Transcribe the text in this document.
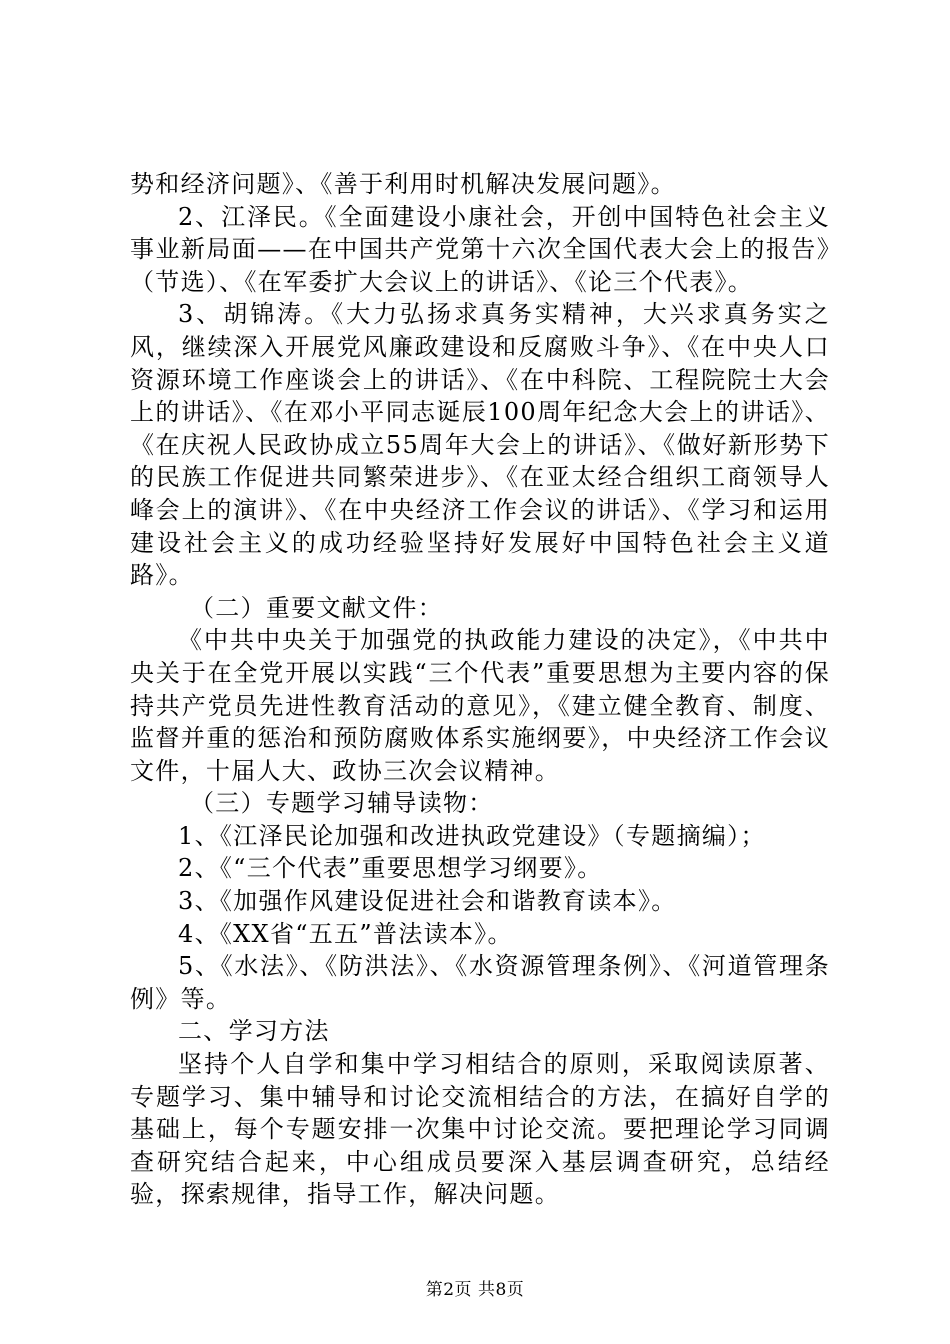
势和经济问题》、《善于利用时机解决发展问题》。

2、江泽民。《全面建设小康社会，开创中国特色社会主义事业新局面——在中国共产党第十六次全国代表大会上的报告》（节选）、《在军委扩大会议上的讲话》、《论三个代表》。

3、胡锦涛。《大力弘扬求真务实精神，大兴求真务实之风，继续深入开展党风廉政建设和反腐败斗争》、《在中央人口资源环境工作座谈会上的讲话》、《在中科院、工程院院士大会上的讲话》、《在邓小平同志诞辰100周年纪念大会上的讲话》、《在庆祝人民政协成立55周年大会上的讲话》、《做好新形势下的民族工作促进共同繁荣进步》、《在亚太经合组织工商领导人峰会上的演讲》、《在中央经济工作会议的讲话》、《学习和运用建设社会主义的成功经验坚持好发展好中国特色社会主义道路》。

（二）重要文献文件：

《中共中央关于加强党的执政能力建设的决定》，《中共中央关于在全党开展以实践“三个代表”重要思想为主要内容的保持共产党员先进性教育活动的意见》，《建立健全教育、制度、监督并重的惩治和预防腐败体系实施纲要》，中央经济工作会议文件，十届人大、政协三次会议精神。

（三）专题学习辅导读物：

1、《江泽民论加强和改进执政党建设》（专题摘编）；

2、《“三个代表”重要思想学习纲要》。

3、《加强作风建设促进社会和谐教育读本》。

4、《XX省“五五”普法读本》。

5、《水法》、《防洪法》、《水资源管理条例》、《河道管理条例》等。

二、学习方法

坚持个人自学和集中学习相结合的原则，采取阅读原著、专题学习、集中辅导和讨论交流相结合的方法，在搞好自学的基础上，每个专题安排一次集中讨论交流。要把理论学习同调查研究结合起来，中心组成员要深入基层调查研究，总结经验，探索规律，指导工作，解决问题。

第2页 共8页
